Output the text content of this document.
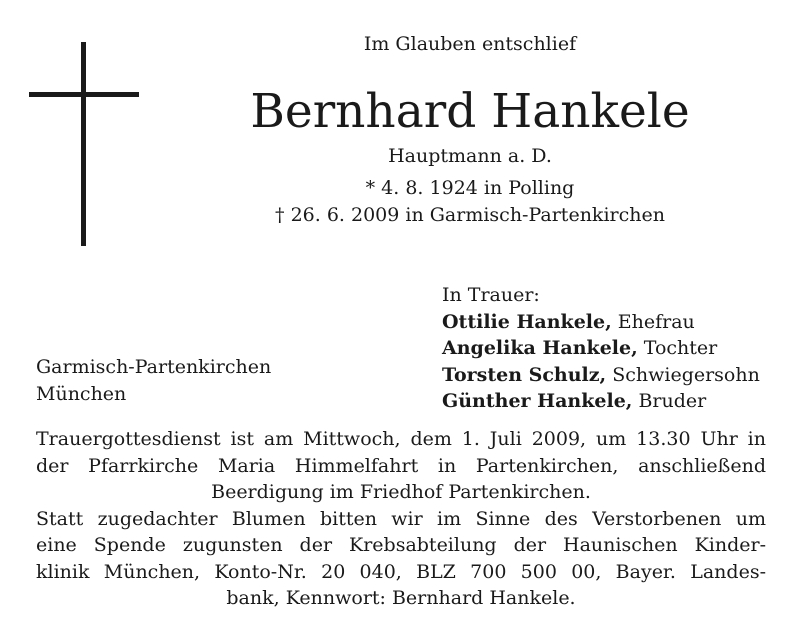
Im Glauben entschlief
Bernhard Hankele
Hauptmann a. D.
* 4. 8. 1924 in Polling
† 26. 6. 2009 in Garmisch-Partenkirchen
In Trauer:
Ottilie Hankele, Ehefrau
Angelika Hankele, Tochter
Torsten Schulz, Schwiegersohn
Günther Hankele, Bruder
Garmisch-Partenkirchen
München
Trauergottesdienst ist am Mittwoch, dem 1. Juli 2009, um 13.30 Uhr in
der Pfarrkirche Maria Himmelfahrt in Partenkirchen, anschließend
Beerdigung im Friedhof Partenkirchen.
Statt zugedachter Blumen bitten wir im Sinne des Verstorbenen um
eine Spende zugunsten der Krebsabteilung der Haunischen Kinder-
klinik München, Konto-Nr. 20 040, BLZ 700 500 00, Bayer. Landes-
bank, Kennwort: Bernhard Hankele.
